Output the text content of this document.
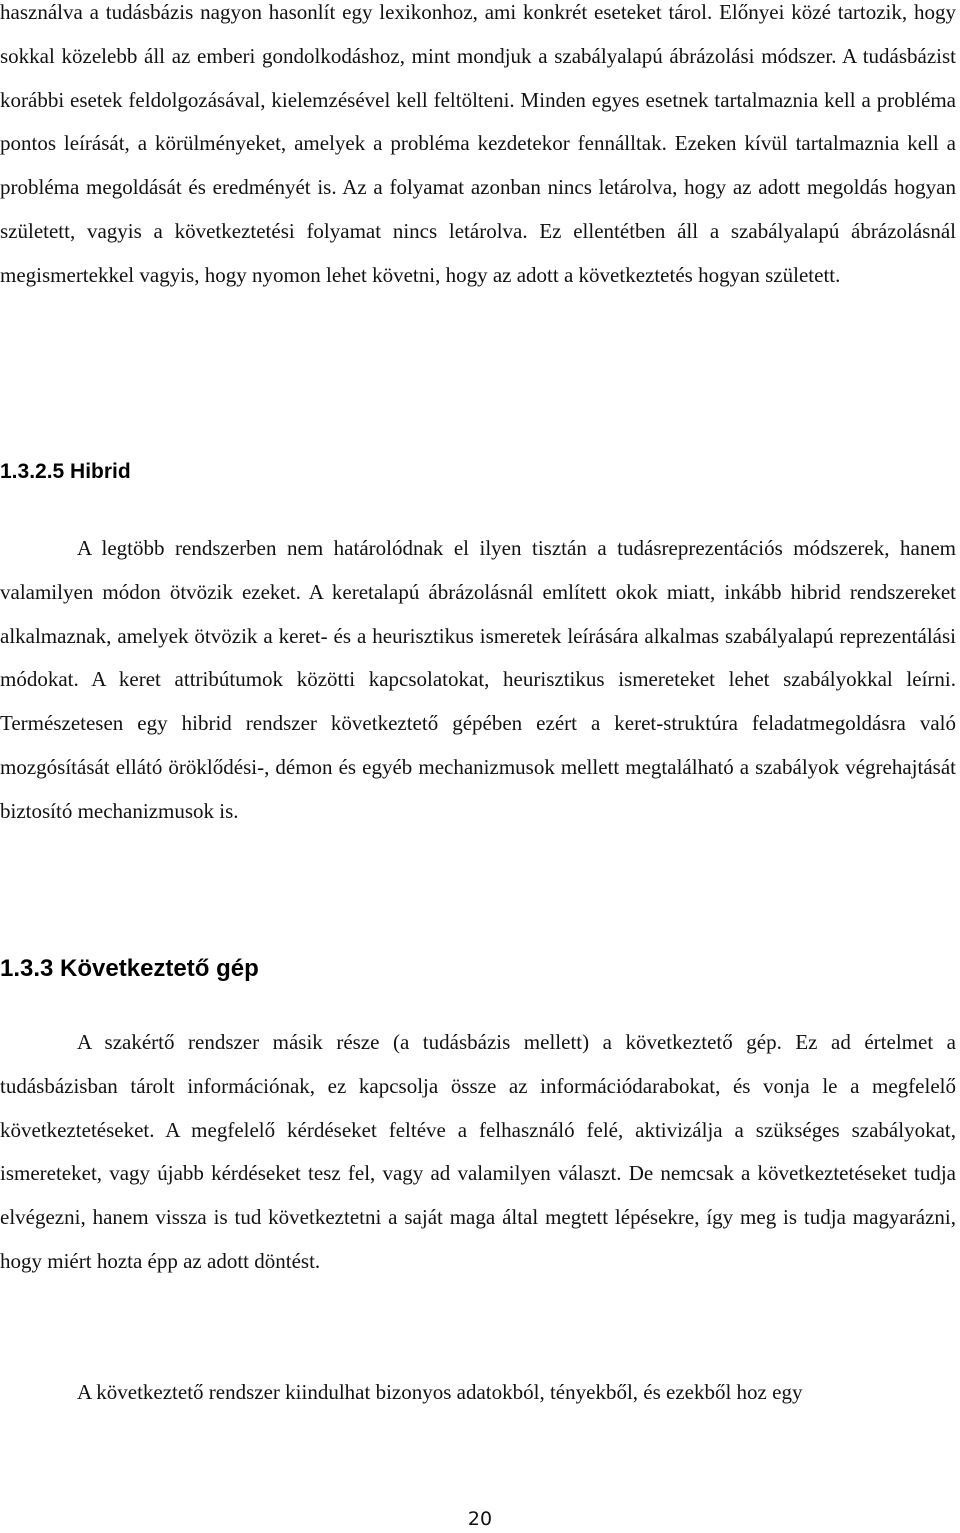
használva a tudásbázis nagyon hasonlít egy lexikonhoz, ami konkrét eseteket tárol. Előnyei közé tartozik, hogy sokkal közelebb áll az emberi gondolkodáshoz, mint mondjuk a szabályalapú ábrázolási módszer. A tudásbázist korábbi esetek feldolgozásával, kielemzésével kell feltölteni. Minden egyes esetnek tartalmaznia kell a probléma pontos leírását, a körülményeket, amelyek a probléma kezdetekor fennálltak. Ezeken kívül tartalmaznia kell a probléma megoldását és eredményét is. Az a folyamat azonban nincs letárolva, hogy az adott megoldás hogyan született, vagyis a következtetési folyamat nincs letárolva. Ez ellentétben áll a szabályalapú ábrázolásnál megismertekkel vagyis, hogy nyomon lehet követni, hogy az adott a következtetés hogyan született.

1.3.2.5 Hibrid

A legtöbb rendszerben nem határolódnak el ilyen tisztán a tudásreprezentációs módszerek, hanem valamilyen módon ötvözik ezeket. A keretalapú ábrázolásnál említett okok miatt, inkább hibrid rendszereket alkalmaznak, amelyek ötvözik a keret- és a heurisztikus ismeretek leírására alkalmas szabályalapú reprezentálási módokat. A keret attribútumok közötti kapcsolatokat, heurisztikus ismereteket lehet szabályokkal leírni. Természetesen egy hibrid rendszer következtető gépében ezért a keret-struktúra feladatmegoldásra való mozgósítását ellátó öröklődési-, démon és egyéb mechanizmusok mellett megtalálható a szabályok végrehajtását biztosító mechanizmusok is.

1.3.3 Következtető gép

A szakértő rendszer másik része (a tudásbázis mellett) a következtető gép. Ez ad értelmet a tudásbázisban tárolt információnak, ez kapcsolja össze az információdarabokat, és vonja le a megfelelő következtetéseket. A megfelelő kérdéseket feltéve a felhasználó felé, aktivizálja a szükséges szabályokat, ismereteket, vagy újabb kérdéseket tesz fel, vagy ad valamilyen választ. De nemcsak a következtetéseket tudja elvégezni, hanem vissza is tud következtetni a saját maga által megtett lépésekre, így meg is tudja magyarázni, hogy miért hozta épp az adott döntést.

A következtető rendszer kiindulhat bizonyos adatokból, tényekből, és ezekből hoz egy

20
